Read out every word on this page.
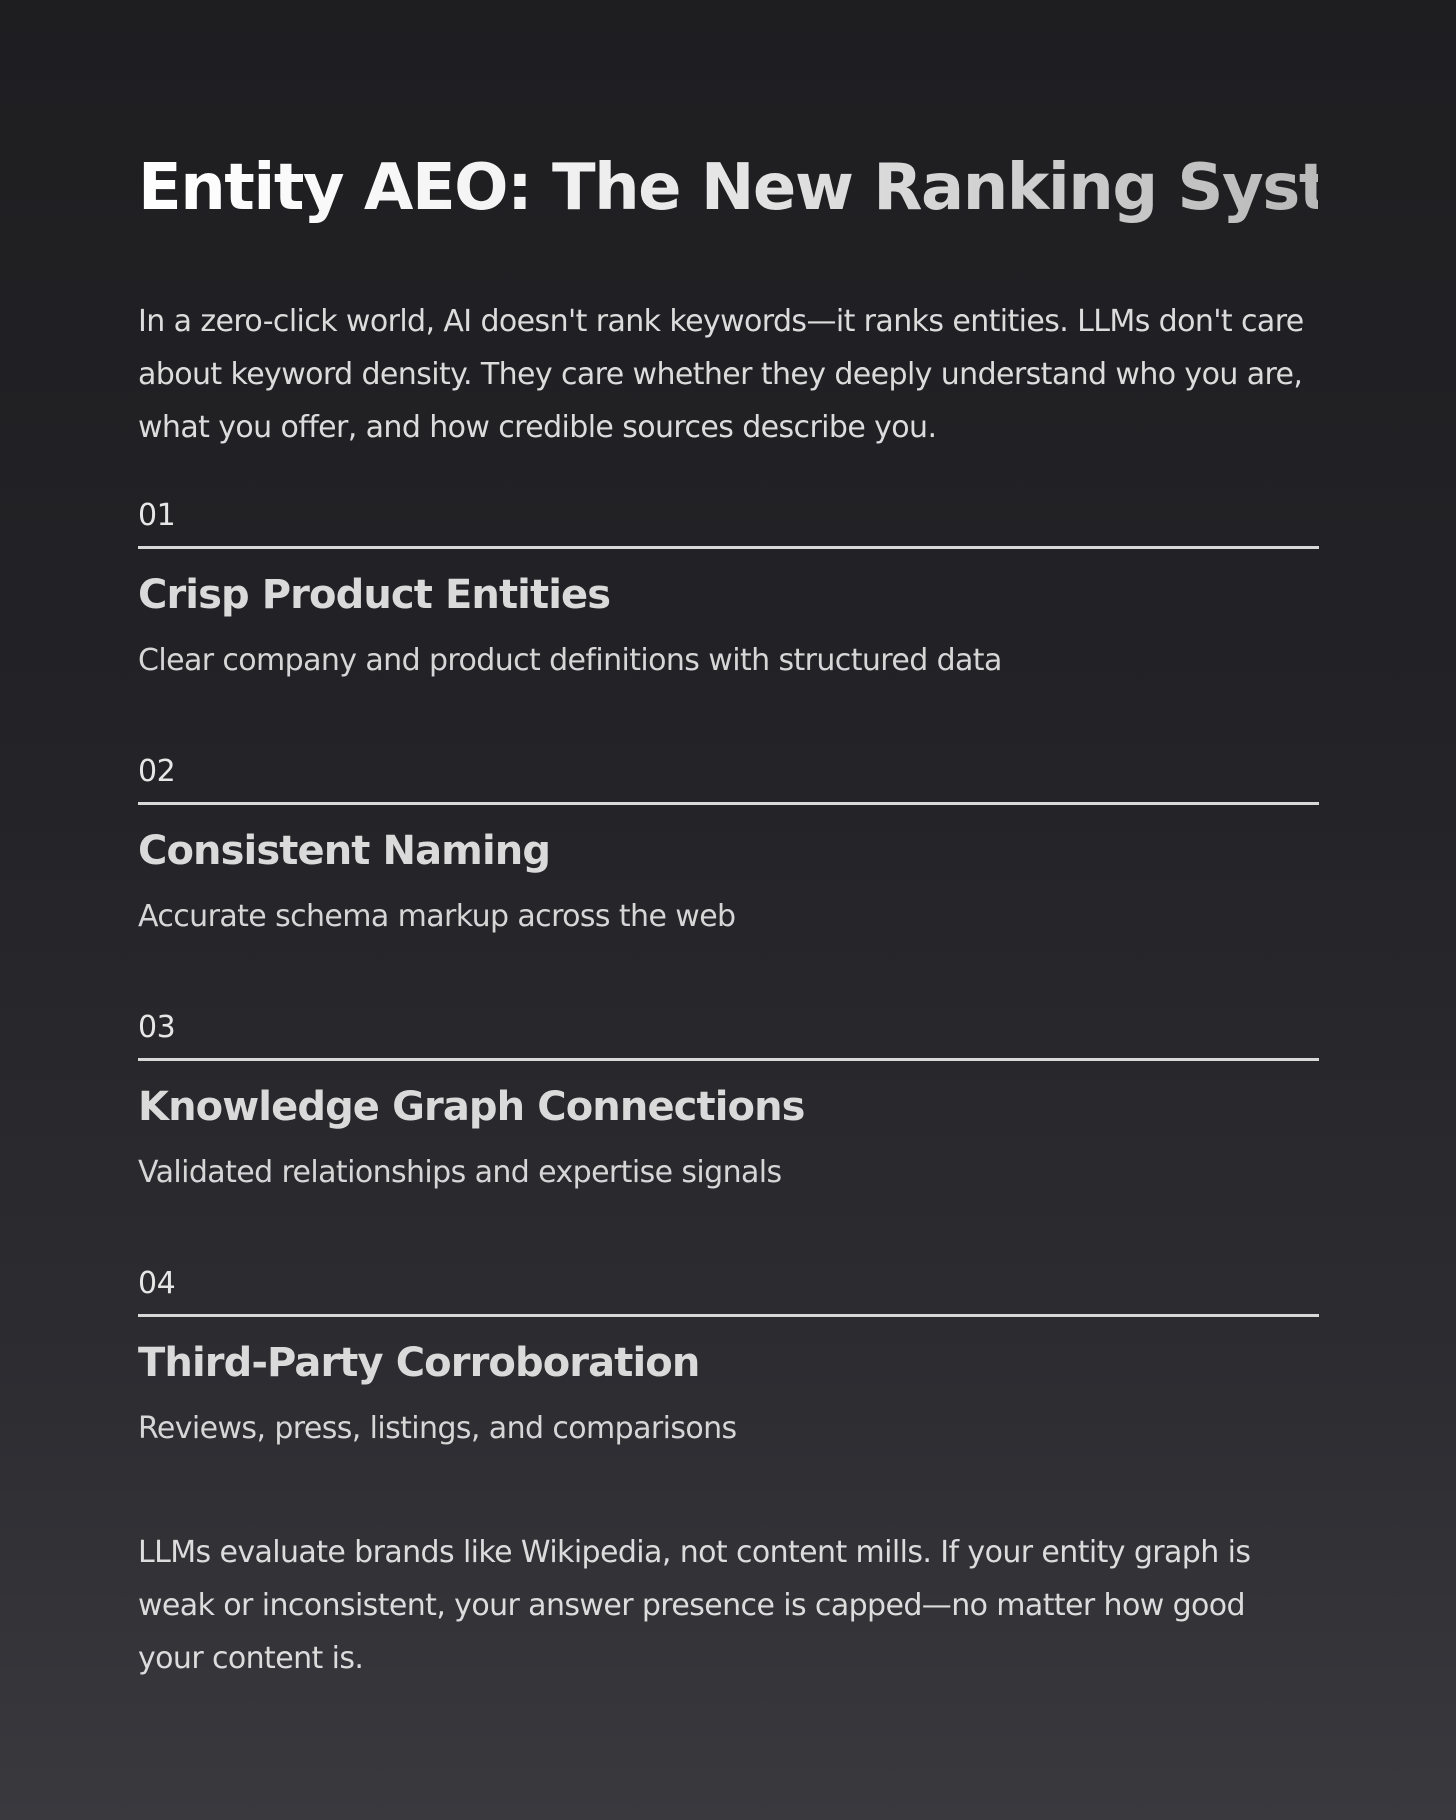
Entity AEO: The New Ranking System

In a zero-click world, AI doesn't rank keywords—it ranks entities. LLMs don't care about keyword density. They care whether they deeply understand who you are, what you offer, and how credible sources describe you.

01
Crisp Product Entities
Clear company and product definitions with structured data
02
Consistent Naming
Accurate schema markup across the web
03
Knowledge Graph Connections
Validated relationships and expertise signals
04
Third-Party Corroboration
Reviews, press, listings, and comparisons

LLMs evaluate brands like Wikipedia, not content mills. If your entity graph is weak or inconsistent, your answer presence is capped—no matter how good your content is.
